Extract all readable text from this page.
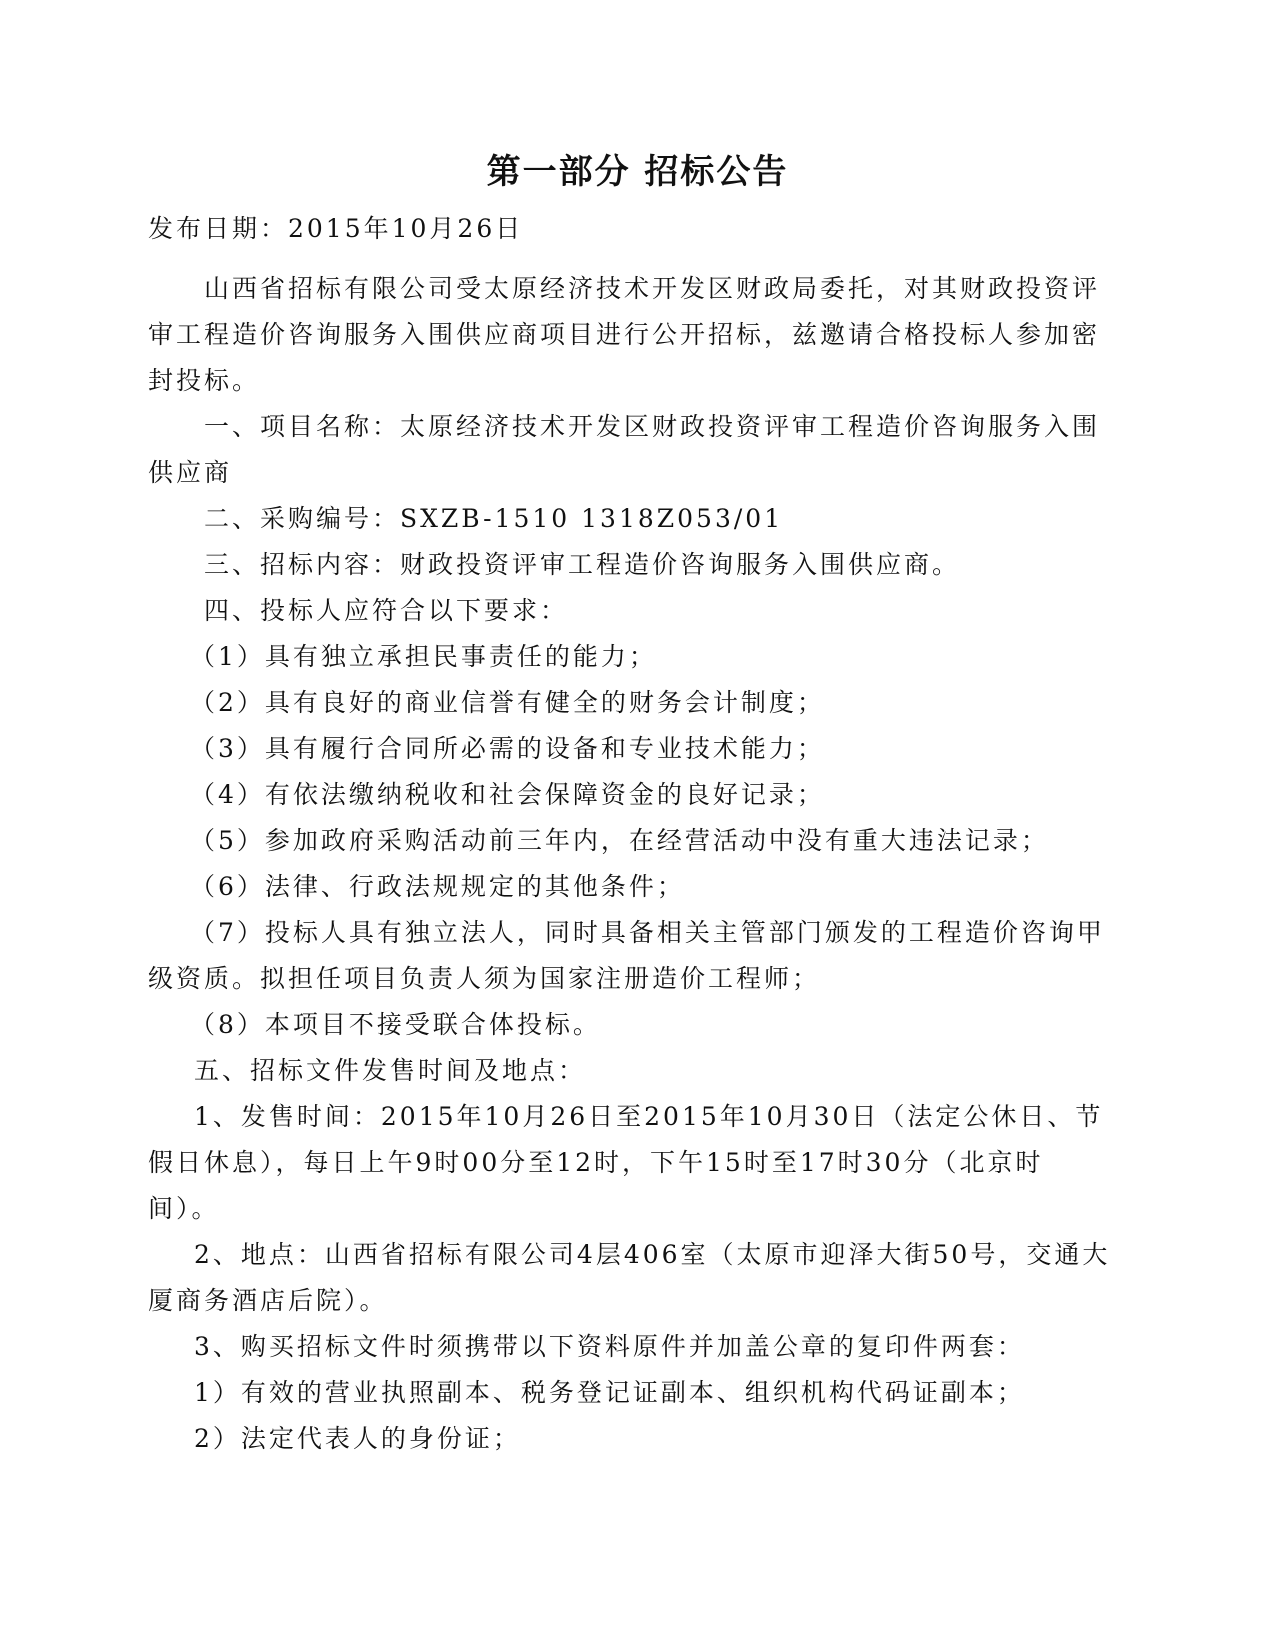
第一部分 招标公告

发布日期：2015年10月26日

山西省招标有限公司受太原经济技术开发区财政局委托，对其财政投资评审工程造价咨询服务入围供应商项目进行公开招标，兹邀请合格投标人参加密封投标。

一、项目名称：太原经济技术开发区财政投资评审工程造价咨询服务入围供应商

二、采购编号：SXZB-1510 1318Z053/01

三、招标内容：财政投资评审工程造价咨询服务入围供应商。

四、投标人应符合以下要求：

（1）具有独立承担民事责任的能力；

（2）具有良好的商业信誉有健全的财务会计制度；

（3）具有履行合同所必需的设备和专业技术能力；

（4）有依法缴纳税收和社会保障资金的良好记录；

（5）参加政府采购活动前三年内，在经营活动中没有重大违法记录；

（6）法律、行政法规规定的其他条件；

（7）投标人具有独立法人，同时具备相关主管部门颁发的工程造价咨询甲级资质。拟担任项目负责人须为国家注册造价工程师；

（8）本项目不接受联合体投标。

五、招标文件发售时间及地点：

1、发售时间：2015年10月26日至2015年10月30日（法定公休日、节假日休息），每日上午9时00分至12时，下午15时至17时30分（北京时间）。

2、地点：山西省招标有限公司4层406室（太原市迎泽大街50号，交通大厦商务酒店后院）。

3、购买招标文件时须携带以下资料原件并加盖公章的复印件两套：

1）有效的营业执照副本、税务登记证副本、组织机构代码证副本；

2）法定代表人的身份证；
